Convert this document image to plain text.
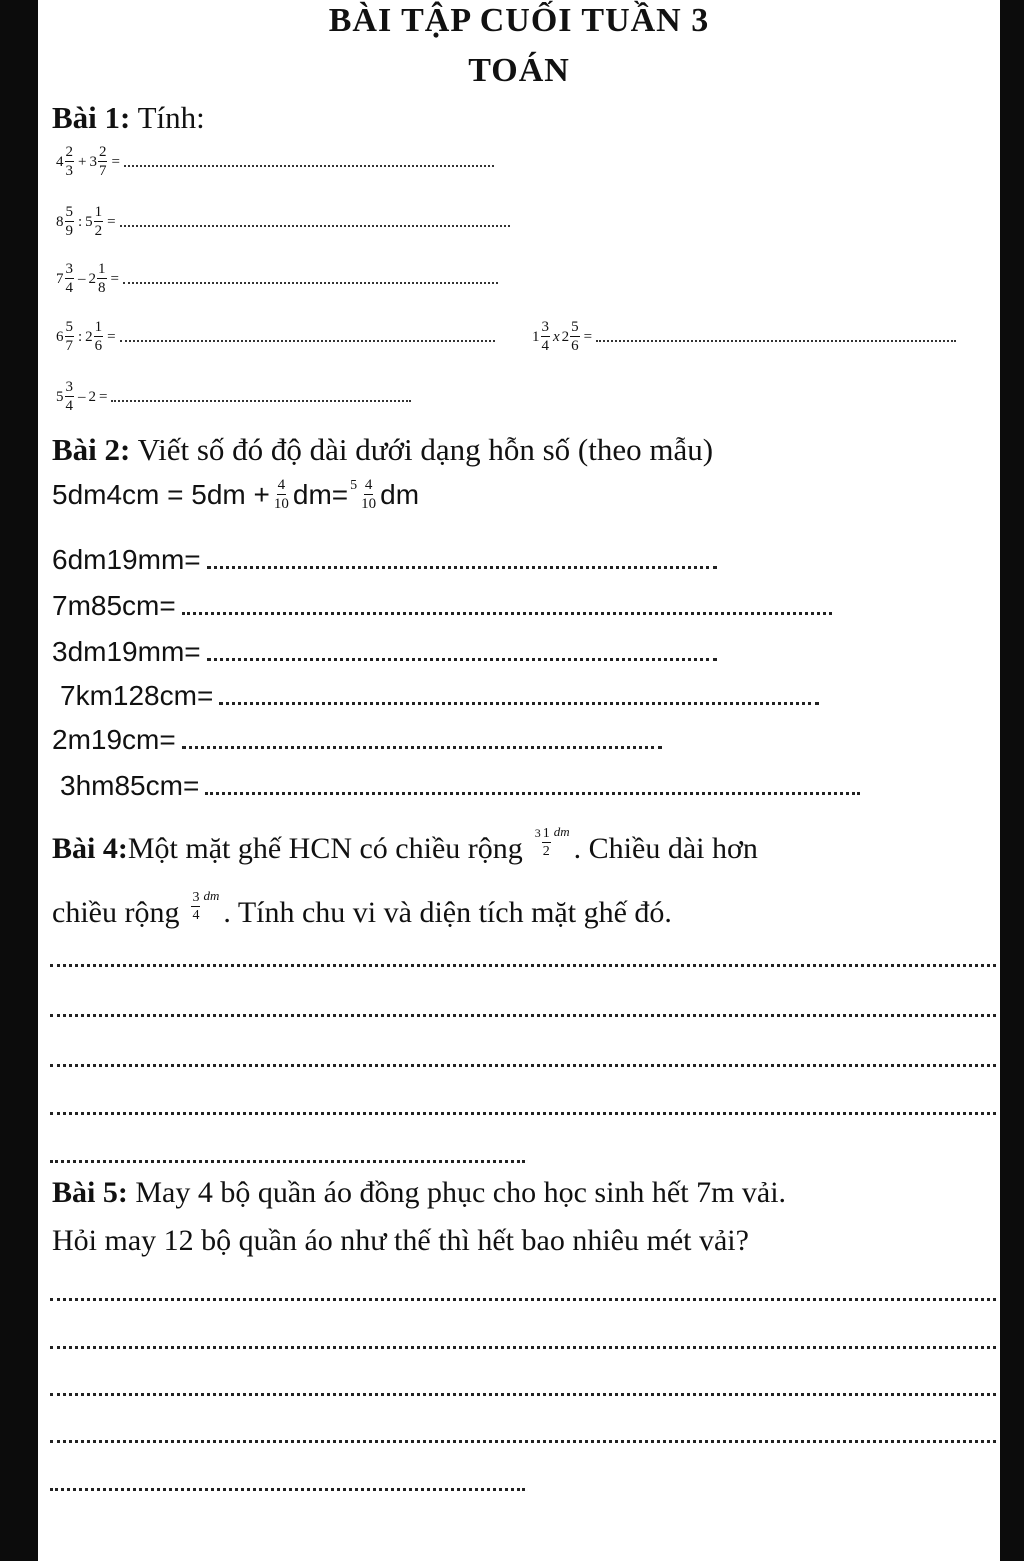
BÀI TẬP CUỐI TUẦN 3
TOÁN
Bài 1: Tính:
$4 \frac{2}{3} + 3 \frac{2}{7}$ =
$8 \frac{5}{9}$ : $5 \frac{1}{2}$ =
$7 \frac{3}{4} - 2 \frac{1}{8}$ =
$6 \frac{5}{7}$ : $2 \frac{1}{6}$ =	$1 \frac{3}{4}$ x $2 \frac{5}{6}$ =
$5 \frac{3}{4} - 2$ =
Bài 2: Viết số đó độ dài dưới dạng hỗn số (theo mẫu)
$5dm4cm = 5dm + \frac{4}{10} dm= 5 \frac{4}{10}$ dm
6dm19mm=
7m85cm=
3dm19mm=
7km128cm=
2m19cm=
3hm85cm=
Bài 4: Một mặt ghế HCN có chiều rộng $3 \frac{1}{2}$ dm
. Chiều dài hơn
chiều rộng $\frac{3}{4}$ dm
. Tính chu vi và diện tích mặt ghế đó.
Bài 5: May 4 bộ quần áo đồng phục cho học sinh hết 7m vải.
Hỏi may 12 bộ quần áo như thế thì hết bao nhiêu mét vải?
